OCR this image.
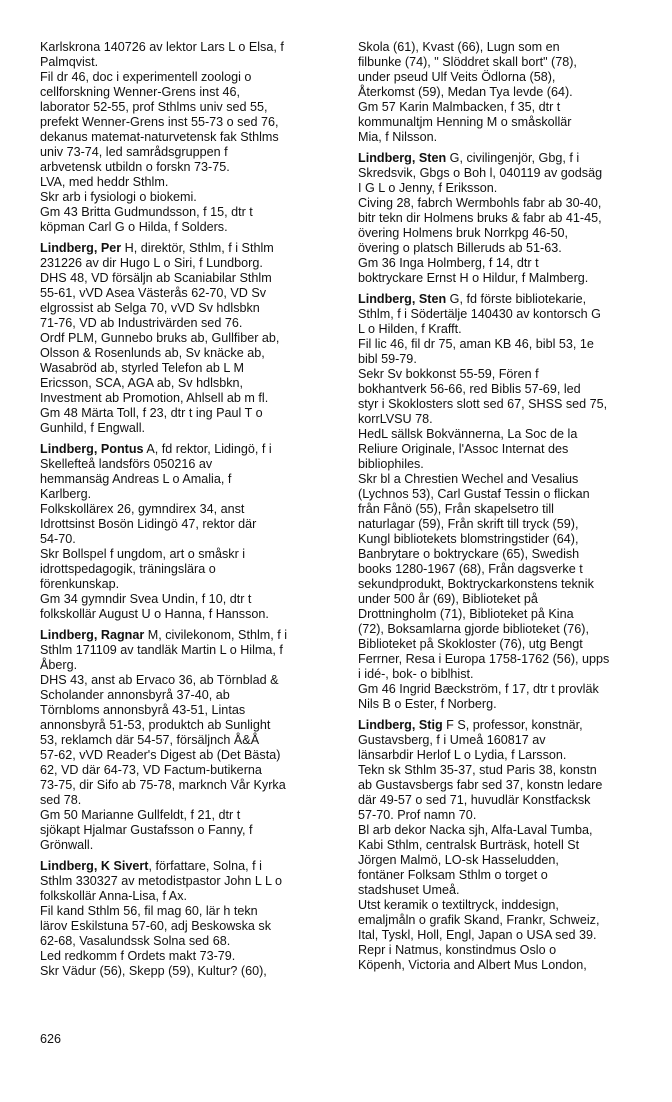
Karlskrona 140726 av lektor Lars L o Elsa, f
Palmqvist.
Fil dr 46, doc i experimentell zoologi o
cellforskning Wenner-Grens inst 46,
laborator 52-55, prof Sthlms univ sed 55,
prefekt Wenner-Grens inst 55-73 o sed 76,
dekanus matemat-naturvetensk fak Sthlms
univ 73-74, led samrådsgruppen f
arbvetensk utbildn o forskn 73-75.
LVA, med heddr Sthlm.
Skr arb i fysiologi o biokemi.
Gm 43 Britta Gudmundsson, f 15, dtr t
köpman Carl G o Hilda, f Solders.
Lindberg, Per H, direktör, Sthlm, f i Sthlm
231226 av dir Hugo L o Siri, f Lundborg.
DHS 48, VD försäljn ab Scaniabilar Sthlm
55-61, vVD Asea Västerås 62-70, VD Sv
elgrossist ab Selga 70, vVD Sv hdlsbkn
71-76, VD ab Industrivärden sed 76.
Ordf PLM, Gunnebo bruks ab, Gullfiber ab,
Olsson & Rosenlunds ab, Sv knäcke ab,
Wasabröd ab, styrled Telefon ab L M
Ericsson, SCA, AGA ab, Sv hdlsbkn,
Investment ab Promotion, Ahlsell ab m fl.
Gm 48 Märta Toll, f 23, dtr t ing Paul T o
Gunhild, f Engwall.
Lindberg, Pontus A, fd rektor, Lidingö, f i
Skellefteå landsförs 050216 av
hemmansäg Andreas L o Amalia, f
Karlberg.
Folkskollärex 26, gymndirex 34, anst
Idrottsinst Bosön Lidingö 47, rektor där
54-70.
Skr Bollspel f ungdom, art o småskr i
idrottspedagogik, träningslära o
förenkunskap.
Gm 34 gymndir Svea Undin, f 10, dtr t
folkskollär August U o Hanna, f Hansson.
Lindberg, Ragnar M, civilekonom, Sthlm, f i
Sthlm 171109 av tandläk Martin L o Hilma, f
Åberg.
DHS 43, anst ab Ervaco 36, ab Törnblad &
Scholander annonsbyrå 37-40, ab
Törnbloms annonsbyrå 43-51, Lintas
annonsbyrå 51-53, produktch ab Sunlight
53, reklamch där 54-57, försäljnch Å&Å
57-62, vVD Reader's Digest ab (Det Bästa)
62, VD där 64-73, VD Factum-butikerna
73-75, dir Sifo ab 75-78, marknch Vår Kyrka
sed 78.
Gm 50 Marianne Gullfeldt, f 21, dtr t
sjökapt Hjalmar Gustafsson o Fanny, f
Grönwall.
Lindberg, K Sivert, författare, Solna, f i
Sthlm 330327 av metodistpastor John L L o
folkskollär Anna-Lisa, f Ax.
Fil kand Sthlm 56, fil mag 60, lär h tekn
lärov Eskilstuna 57-60, adj Beskowska sk
62-68, Vasalundssk Solna sed 68.
Led redkomm f Ordets makt 73-79.
Skr Vädur (56), Skepp (59), Kultur? (60),
Skola (61), Kvast (66), Lugn som en
filbunke (74), " Slöddret skall bort" (78),
under pseud Ulf Veits Ödlorna (58),
Återkomst (59), Medan Tya levde (64).
Gm 57 Karin Malmbacken, f 35, dtr t
kommunaltjm Henning M o småskollär
Mia, f Nilsson.
Lindberg, Sten G, civilingenjör, Gbg, f i
Skredsvik, Gbgs o Boh l, 040119 av godsäg
I G L o Jenny, f Eriksson.
Civing 28, fabrch Wermbohls fabr ab 30-40,
bitr tekn dir Holmens bruks & fabr ab 41-45,
övering Holmens bruk Norrkpg 46-50,
övering o platsch Billeruds ab 51-63.
Gm 36 Inga Holmberg, f 14, dtr t
boktryckare Ernst H o Hildur, f Malmberg.
Lindberg, Sten G, fd förste bibliotekarie,
Sthlm, f i Södertälje 140430 av kontorsch G
L o Hilden, f Krafft.
Fil lic 46, fil dr 75, aman KB 46, bibl 53, 1e
bibl 59-79.
Sekr Sv bokkonst 55-59, Fören f
bokhantverk 56-66, red Biblis 57-69, led
styr i Skoklosters slott sed 67, SHSS sed 75,
korrLVSU 78.
HedL sällsk Bokvännerna, La Soc de la
Reliure Originale, l'Assoc Internat des
bibliophiles.
Skr bl a Chrestien Wechel and Vesalius
(Lychnos 53), Carl Gustaf Tessin o flickan
från Fånö (55), Från skapelsetro till
naturlagar (59), Från skrift till tryck (59),
Kungl bibliotekets blomstringstider (64),
Banbrytare o boktryckare (65), Swedish
books 1280-1967 (68), Från dagsverke t
sekundprodukt, Boktryckarkonstens teknik
under 500 år (69), Biblioteket på
Drottningholm (71), Biblioteket på Kina
(72), Boksamlarna gjorde biblioteket (76),
Biblioteket på Skokloster (76), utg Bengt
Ferrner, Resa i Europa 1758-1762 (56), upps
i idé-, bok- o biblhist.
Gm 46 Ingrid Bæckström, f 17, dtr t provläk
Nils B o Ester, f Norberg.
Lindberg, Stig F S, professor, konstnär,
Gustavsberg, f i Umeå 160817 av
länsarbdir Herlof L o Lydia, f Larsson.
Tekn sk Sthlm 35-37, stud Paris 38, konstn
ab Gustavsbergs fabr sed 37, konstn ledare
där 49-57 o sed 71, huvudlär Konstfacksk
57-70. Prof namn 70.
Bl arb dekor Nacka sjh, Alfa-Laval Tumba,
Kabi Sthlm, centralsk Burträsk, hotell St
Jörgen Malmö, LO-sk Hasseludden,
fontäner Folksam Sthlm o torget o
stadshuset Umeå.
Utst keramik o textiltryck, inddesign,
emaljmåln o grafik Skand, Frankr, Schweiz,
Ital, Tyskl, Holl, Engl, Japan o USA sed 39.
Repr i Natmus, konstindmus Oslo o
Köpenh, Victoria and Albert Mus London,
626
